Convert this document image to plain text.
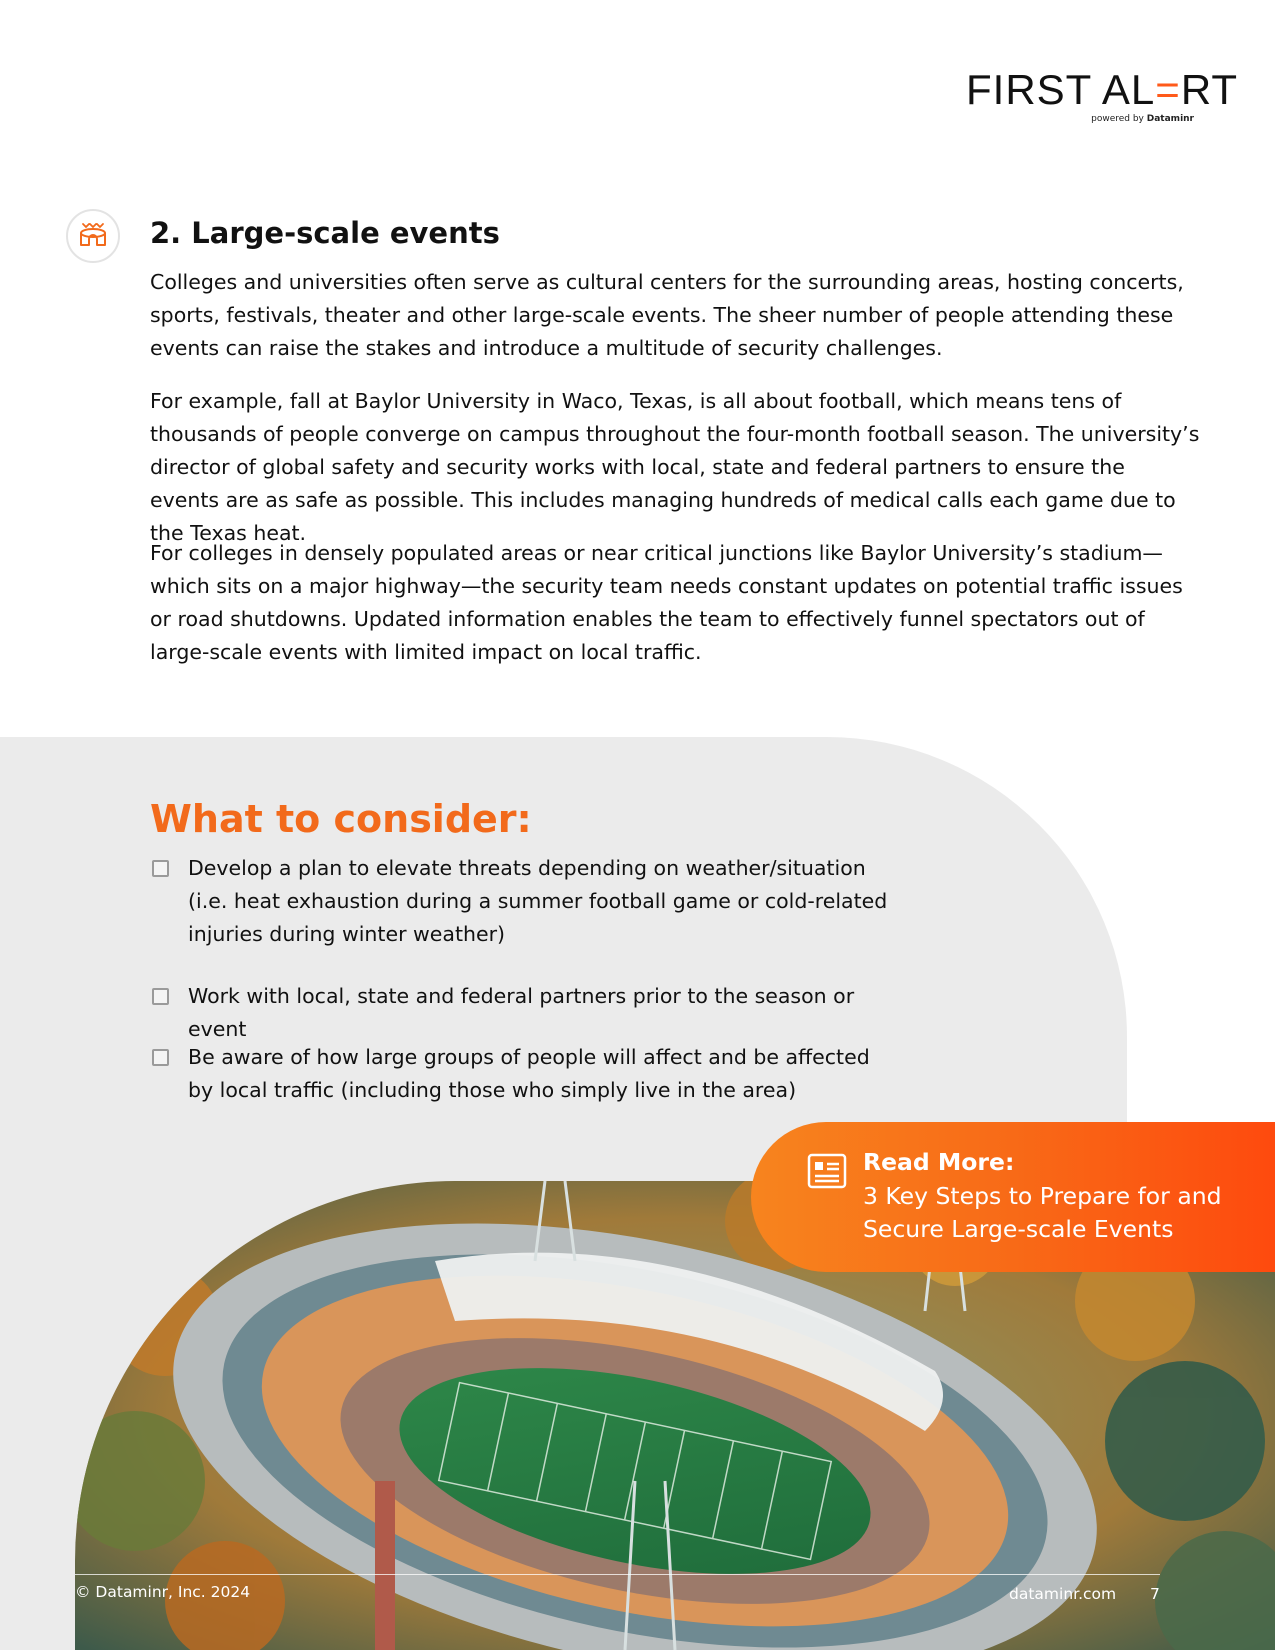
FIRST AL=RT
powered by Dataminr
2. Large-scale events

Colleges and universities often serve as cultural centers for the surrounding areas, hosting concerts, sports, festivals, theater and other large-scale events. The sheer number of people attending these events can raise the stakes and introduce a multitude of security challenges.

For example, fall at Baylor University in Waco, Texas, is all about football, which means tens of thousands of people converge on campus throughout the four-month football season. The university’s director of global safety and security works with local, state and federal partners to ensure the events are as safe as possible. This includes managing hundreds of medical calls each game due to the Texas heat.

For colleges in densely populated areas or near critical junctions like Baylor University’s stadium—which sits on a major highway—the security team needs constant updates on potential traffic issues or road shutdowns. Updated information enables the team to effectively funnel spectators out of large-scale events with limited impact on local traffic.

What to consider:
Develop a plan to elevate threats depending on weather/situation (i.e. heat exhaustion during a summer football game or cold-related injuries during winter weather)
Work with local, state and federal partners prior to the season or event
Be aware of how large groups of people will affect and be affected by local traffic (including those who simply live in the area)
Read More:
3 Key Steps to Prepare for and Secure Large-scale Events
© Dataminr, Inc. 2024	dataminr.com 7
